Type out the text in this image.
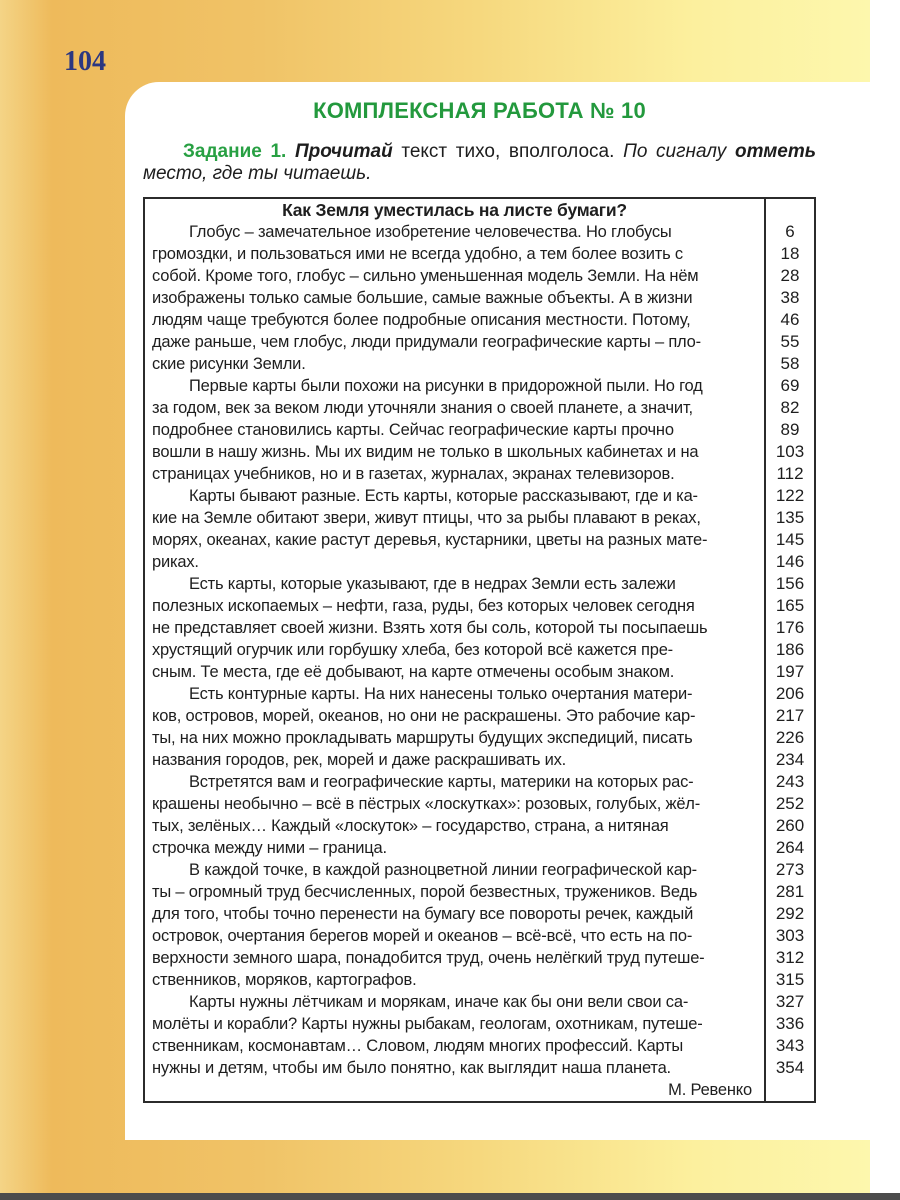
104
КОМПЛЕКСНАЯ РАБОТА № 10
Задание 1. Прочитай текст тихо, вполголоса. По сигналу отметь
место, где ты читаешь.
Как Земля уместилась на листе бумаги?
Глобус – замечательное изобретение человечества. Но глобусы	6
громоздки, и пользоваться ими не всегда удобно, а тем более возить с	18
собой. Кроме того, глобус – сильно уменьшенная модель Земли. На нём	28
изображены только самые большие, самые важные объекты. А в жизни	38
людям чаще требуются более подробные описания местности. Потому,	46
даже раньше, чем глобус, люди придумали географические карты – пло-	55
ские рисунки Земли.	58
Первые карты были похожи на рисунки в придорожной пыли. Но год	69
за годом, век за веком люди уточняли знания о своей планете, а значит,	82
подробнее становились карты. Сейчас географические карты прочно	89
вошли в нашу жизнь. Мы их видим не только в школьных кабинетах и на	103
страницах учебников, но и в газетах, журналах, экранах телевизоров.	112
Карты бывают разные. Есть карты, которые рассказывают, где и ка-	122
кие на Земле обитают звери, живут птицы, что за рыбы плавают в реках,	135
морях, океанах, какие растут деревья, кустарники, цветы на разных мате-	145
риках.	146
Есть карты, которые указывают, где в недрах Земли есть залежи	156
полезных ископаемых – нефти, газа, руды, без которых человек сегодня	165
не представляет своей жизни. Взять хотя бы соль, которой ты посыпаешь	176
хрустящий огурчик или горбушку хлеба, без которой всё кажется пре-	186
сным. Те места, где её добывают, на карте отмечены особым знаком.	197
Есть контурные карты. На них нанесены только очертания матери-	206
ков, островов, морей, океанов, но они не раскрашены. Это рабочие кар-	217
ты, на них можно прокладывать маршруты будущих экспедиций, писать	226
названия городов, рек, морей и даже раскрашивать их.	234
Встретятся вам и географические карты, материки на которых рас-	243
крашены необычно – всё в пёстрых «лоскутках»: розовых, голубых, жёл-	252
тых, зелёных… Каждый «лоскуток» – государство, страна, а нитяная	260
строчка между ними – граница.	264
В каждой точке, в каждой разноцветной линии географической кар-	273
ты – огромный труд бесчисленных, порой безвестных, тружеников. Ведь	281
для того, чтобы точно перенести на бумагу все повороты речек, каждый	292
островок, очертания берегов морей и океанов – всё-всё, что есть на по-	303
верхности земного шара, понадобится труд, очень нелёгкий труд путеше-	312
ственников, моряков, картографов.	315
Карты нужны лётчикам и морякам, иначе как бы они вели свои са-	327
молёты и корабли? Карты нужны рыбакам, геологам, охотникам, путеше-	336
ственникам, космонавтам… Словом, людям многих профессий. Карты	343
нужны и детям, чтобы им было понятно, как выглядит наша планета.	354
М. Ревенко
